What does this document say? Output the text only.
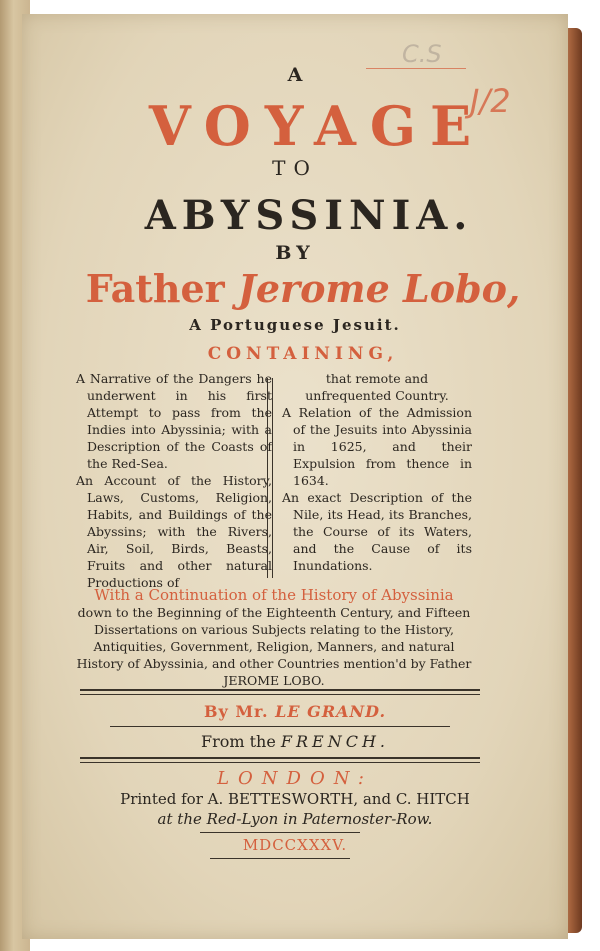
C.S
J/2
A
VOYAGE
TO
ABYSSINIA.
BY
Father Jerome Lobo,
A Portuguese Jesuit.
CONTAINING,

A Narrative of the Dangers he underwent in his first Attempt to pass from the Indies into Abyssinia; with a Description of the Coasts of the Red-Sea.

An Account of the History, Laws, Customs, Religion, Habits, and Buildings of the Abyssins; with the Rivers, Air, Soil, Birds, Beasts, Fruits and other natural Productions of

that remote and unfrequented Country.

A Relation of the Admission of the Jesuits into Abyssinia in 1625, and their Expulsion from thence in 1634.

An exact Description of the Nile, its Head, its Branches, the Course of its Waters, and the Cause of its Inundations.

With a Continuation of the History of Abyssinia
down to the Beginning of the Eighteenth Century, and Fifteen Dissertations on various Subjects relating to the History, Antiquities, Government, Religion, Manners, and natural History of Abyssinia, and other Countries mention'd by Father JEROME LOBO.
By Mr. LE GRAND.
From the FRENCH.
LONDON:
Printed for A. BETTESWORTH, and C. HITCH
at the Red-Lyon in Paternoster-Row.
MDCCXXXV.
